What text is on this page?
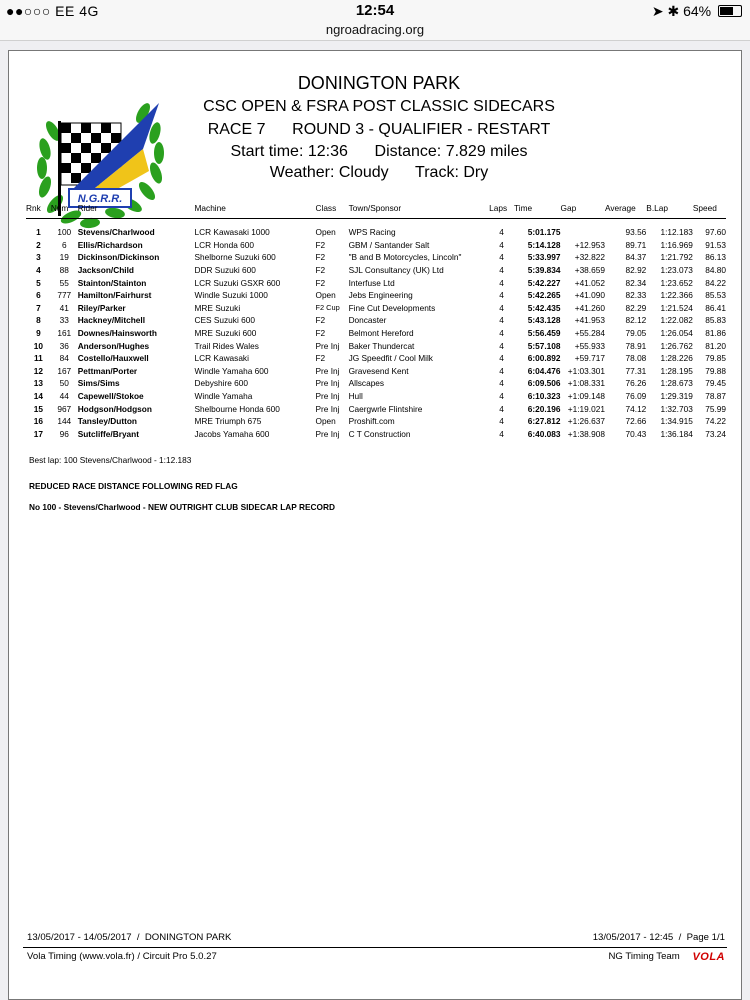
●●○○○ EE 4G	12:54	➤ ✱ 64%
ngroadracing.org
N.G.R.R.
DONINGTON PARK
CSC OPEN & FSRA POST CLASSIC SIDECARS
RACE 7      ROUND 3 - QUALIFIER - RESTART
Start time: 12:36      Distance: 7.829 miles
Weather: Cloudy      Track: Dry
Rnk	Num	Rider	Machine	Class	Town/Sponsor	Laps	Time	Gap	Average	B.Lap	Speed

1	100	Stevens/Charlwood	LCR Kawasaki 1000	Open	WPS Racing	4	5:01.175		93.56	1:12.183	97.60
2	6	Ellis/Richardson	LCR Honda 600	F2	GBM / Santander Salt	4	5:14.128	+12.953	89.71	1:16.969	91.53
3	19	Dickinson/Dickinson	Shelborne Suzuki 600	F2	"B and B Motorcycles, Lincoln"	4	5:33.997	+32.822	84.37	1:21.792	86.13
4	88	Jackson/Child	DDR Suzuki 600	F2	SJL Consultancy (UK) Ltd	4	5:39.834	+38.659	82.92	1:23.073	84.80
5	55	Stainton/Stainton	LCR Suzuki GSXR 600	F2	Interfuse Ltd	4	5:42.227	+41.052	82.34	1:23.652	84.22
6	777	Hamilton/Fairhurst	Windle Suzuki 1000	Open	Jebs Engineering	4	5:42.265	+41.090	82.33	1:22.366	85.53
7	41	Riley/Parker	MRE Suzuki	F2 Cup	Fine Cut Developments	4	5:42.435	+41.260	82.29	1:21.524	86.41
8	33	Hackney/Mitchell	CES Suzuki 600	F2	Doncaster	4	5:43.128	+41.953	82.12	1:22.082	85.83
9	161	Downes/Hainsworth	MRE Suzuki 600	F2	Belmont Hereford	4	5:56.459	+55.284	79.05	1:26.054	81.86
10	36	Anderson/Hughes	Trail Rides Wales	Pre Inj	Baker Thundercat	4	5:57.108	+55.933	78.91	1:26.762	81.20
11	84	Costello/Hauxwell	LCR Kawasaki	F2	JG Speedfit / Cool Milk	4	6:00.892	+59.717	78.08	1:28.226	79.85
12	167	Pettman/Porter	Windle Yamaha 600	Pre Inj	Gravesend Kent	4	6:04.476	+1:03.301	77.31	1:28.195	79.88
13	50	Sims/Sims	Debyshire 600	Pre Inj	Allscapes	4	6:09.506	+1:08.331	76.26	1:28.673	79.45
14	44	Capewell/Stokoe	Windle Yamaha	Pre Inj	Hull	4	6:10.323	+1:09.148	76.09	1:29.319	78.87
15	967	Hodgson/Hodgson	Shelbourne Honda 600	Pre Inj	Caergwrle Flintshire	4	6:20.196	+1:19.021	74.12	1:32.703	75.99
16	144	Tansley/Dutton	MRE Triumph 675	Open	Proshift.com	4	6:27.812	+1:26.637	72.66	1:34.915	74.22
17	96	Sutcliffe/Bryant	Jacobs Yamaha 600	Pre Inj	C T Construction	4	6:40.083	+1:38.908	70.43	1:36.184	73.24
Best lap: 100 Stevens/Charlwood - 1:12.183
REDUCED RACE DISTANCE FOLLOWING RED FLAG
No 100 - Stevens/Charlwood - NEW OUTRIGHT CLUB SIDECAR LAP RECORD
13/05/2017 - 14/05/2017  /  DONINGTON PARK	13/05/2017 - 12:45  /  Page 1/1
Vola Timing (www.vola.fr) / Circuit Pro 5.0.27	NG Timing Team VOLA
